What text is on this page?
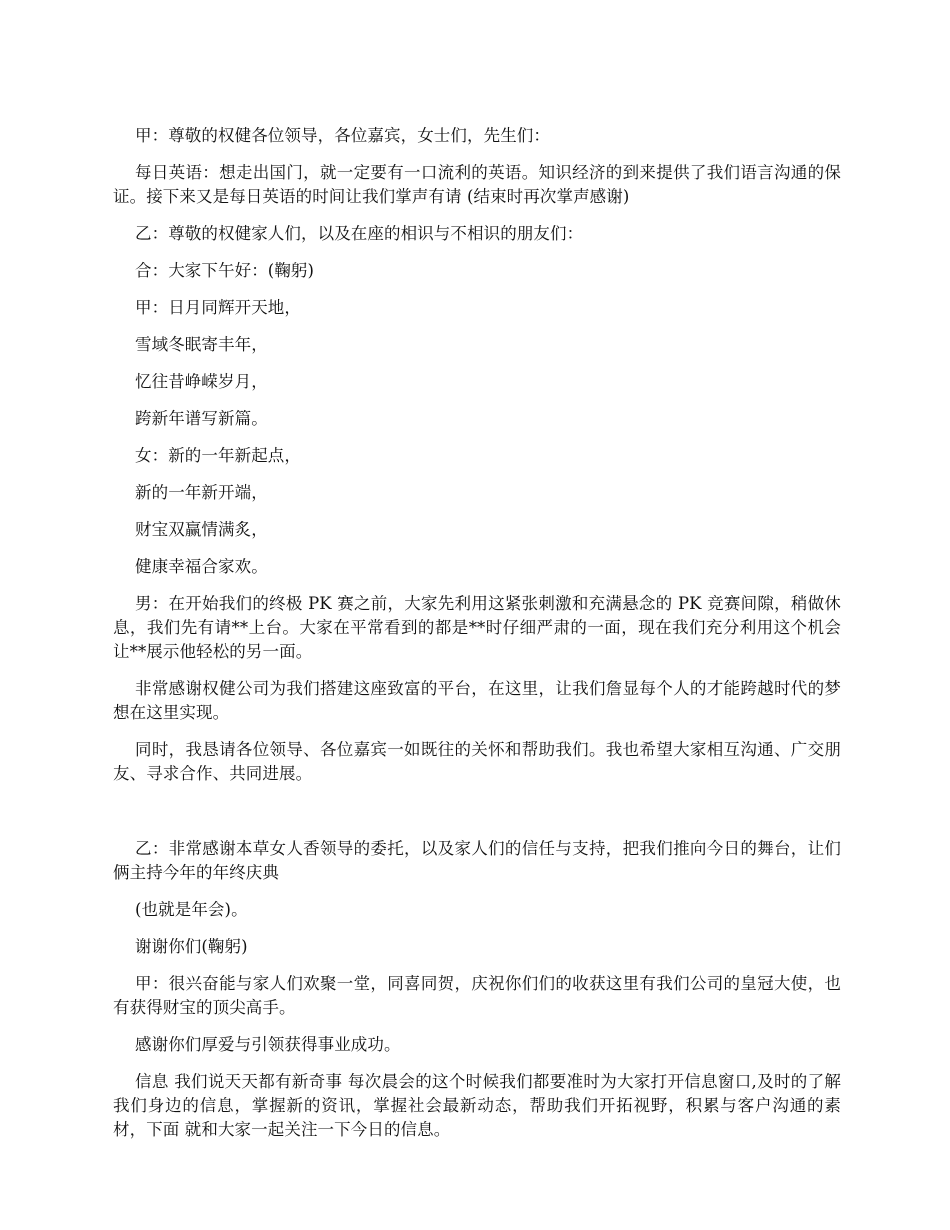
甲：尊敬的权健各位领导，各位嘉宾，女士们，先生们：

每日英语：想走出国门，就一定要有一口流利的英语。知识经济的到来提供了我们语言沟通的保证。接下来又是每日英语的时间让我们掌声有请 (结束时再次掌声感谢)

乙：尊敬的权健家人们，以及在座的相识与不相识的朋友们：

合：大家下午好：(鞠躬)

甲：日月同辉开天地，

雪域冬眠寄丰年，

忆往昔峥嵘岁月，

跨新年谱写新篇。

女：新的一年新起点，

新的一年新开端，

财宝双赢情满炙，

健康幸福合家欢。

男：在开始我们的终极 PK 赛之前，大家先利用这紧张刺激和充满悬念的 PK 竞赛间隙，稍做休息，我们先有请**上台。大家在平常看到的都是**时仔细严肃的一面，现在我们充分利用这个机会让**展示他轻松的另一面。

非常感谢权健公司为我们搭建这座致富的平台，在这里，让我们詹显每个人的才能跨越时代的梦想在这里实现。

同时，我恳请各位领导、各位嘉宾一如既往的关怀和帮助我们。我也希望大家相互沟通、广交朋友、寻求合作、共同进展。

乙：非常感谢本草女人香领导的委托，以及家人们的信任与支持，把我们推向今日的舞台，让们俩主持今年的年终庆典

(也就是年会)。

谢谢你们(鞠躬)

甲：很兴奋能与家人们欢聚一堂，同喜同贺，庆祝你们们的收获这里有我们公司的皇冠大使，也有获得财宝的顶尖高手。

感谢你们厚爱与引领获得事业成功。

信息 我们说天天都有新奇事 每次晨会的这个时候我们都要准时为大家打开信息窗口,及时的了解我们身边的信息，掌握新的资讯，掌握社会最新动态，帮助我们开拓视野，积累与客户沟通的素材，下面 就和大家一起关注一下今日的信息。
